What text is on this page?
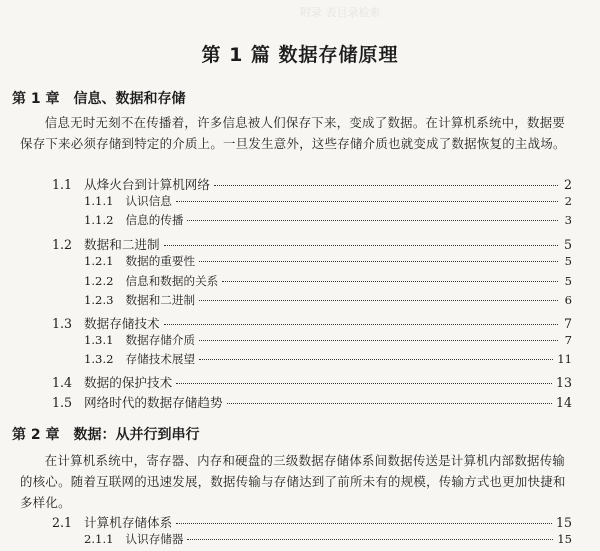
附录 表目录检索
第 1 篇 数据存储原理
第 1 章 信息、数据和存储
信息无时无刻不在传播着，许多信息被人们保存下来，变成了数据。在计算机系统中，数据要保存下来必须存储到特定的介质上。一旦发生意外，这些存储介质也就变成了数据恢复的主战场。
1.1 从烽火台到计算机网络	2
1.1.1 认识信息	2
1.1.2 信息的传播	3
1.2 数据和二进制	5
1.2.1 数据的重要性	5
1.2.2 信息和数据的关系	5
1.2.3 数据和二进制	6
1.3 数据存储技术	7
1.3.1 数据存储介质	7
1.3.2 存储技术展望	11
1.4 数据的保护技术	13
1.5 网络时代的数据存储趋势	14
第 2 章 数据：从并行到串行
在计算机系统中，寄存器、内存和硬盘的三级数据存储体系间数据传送是计算机内部数据传输的核心。随着互联网的迅速发展，数据传输与存储达到了前所未有的规模，传输方式也更加快捷和多样化。
2.1 计算机存储体系	15
2.1.1 认识存储器	15
